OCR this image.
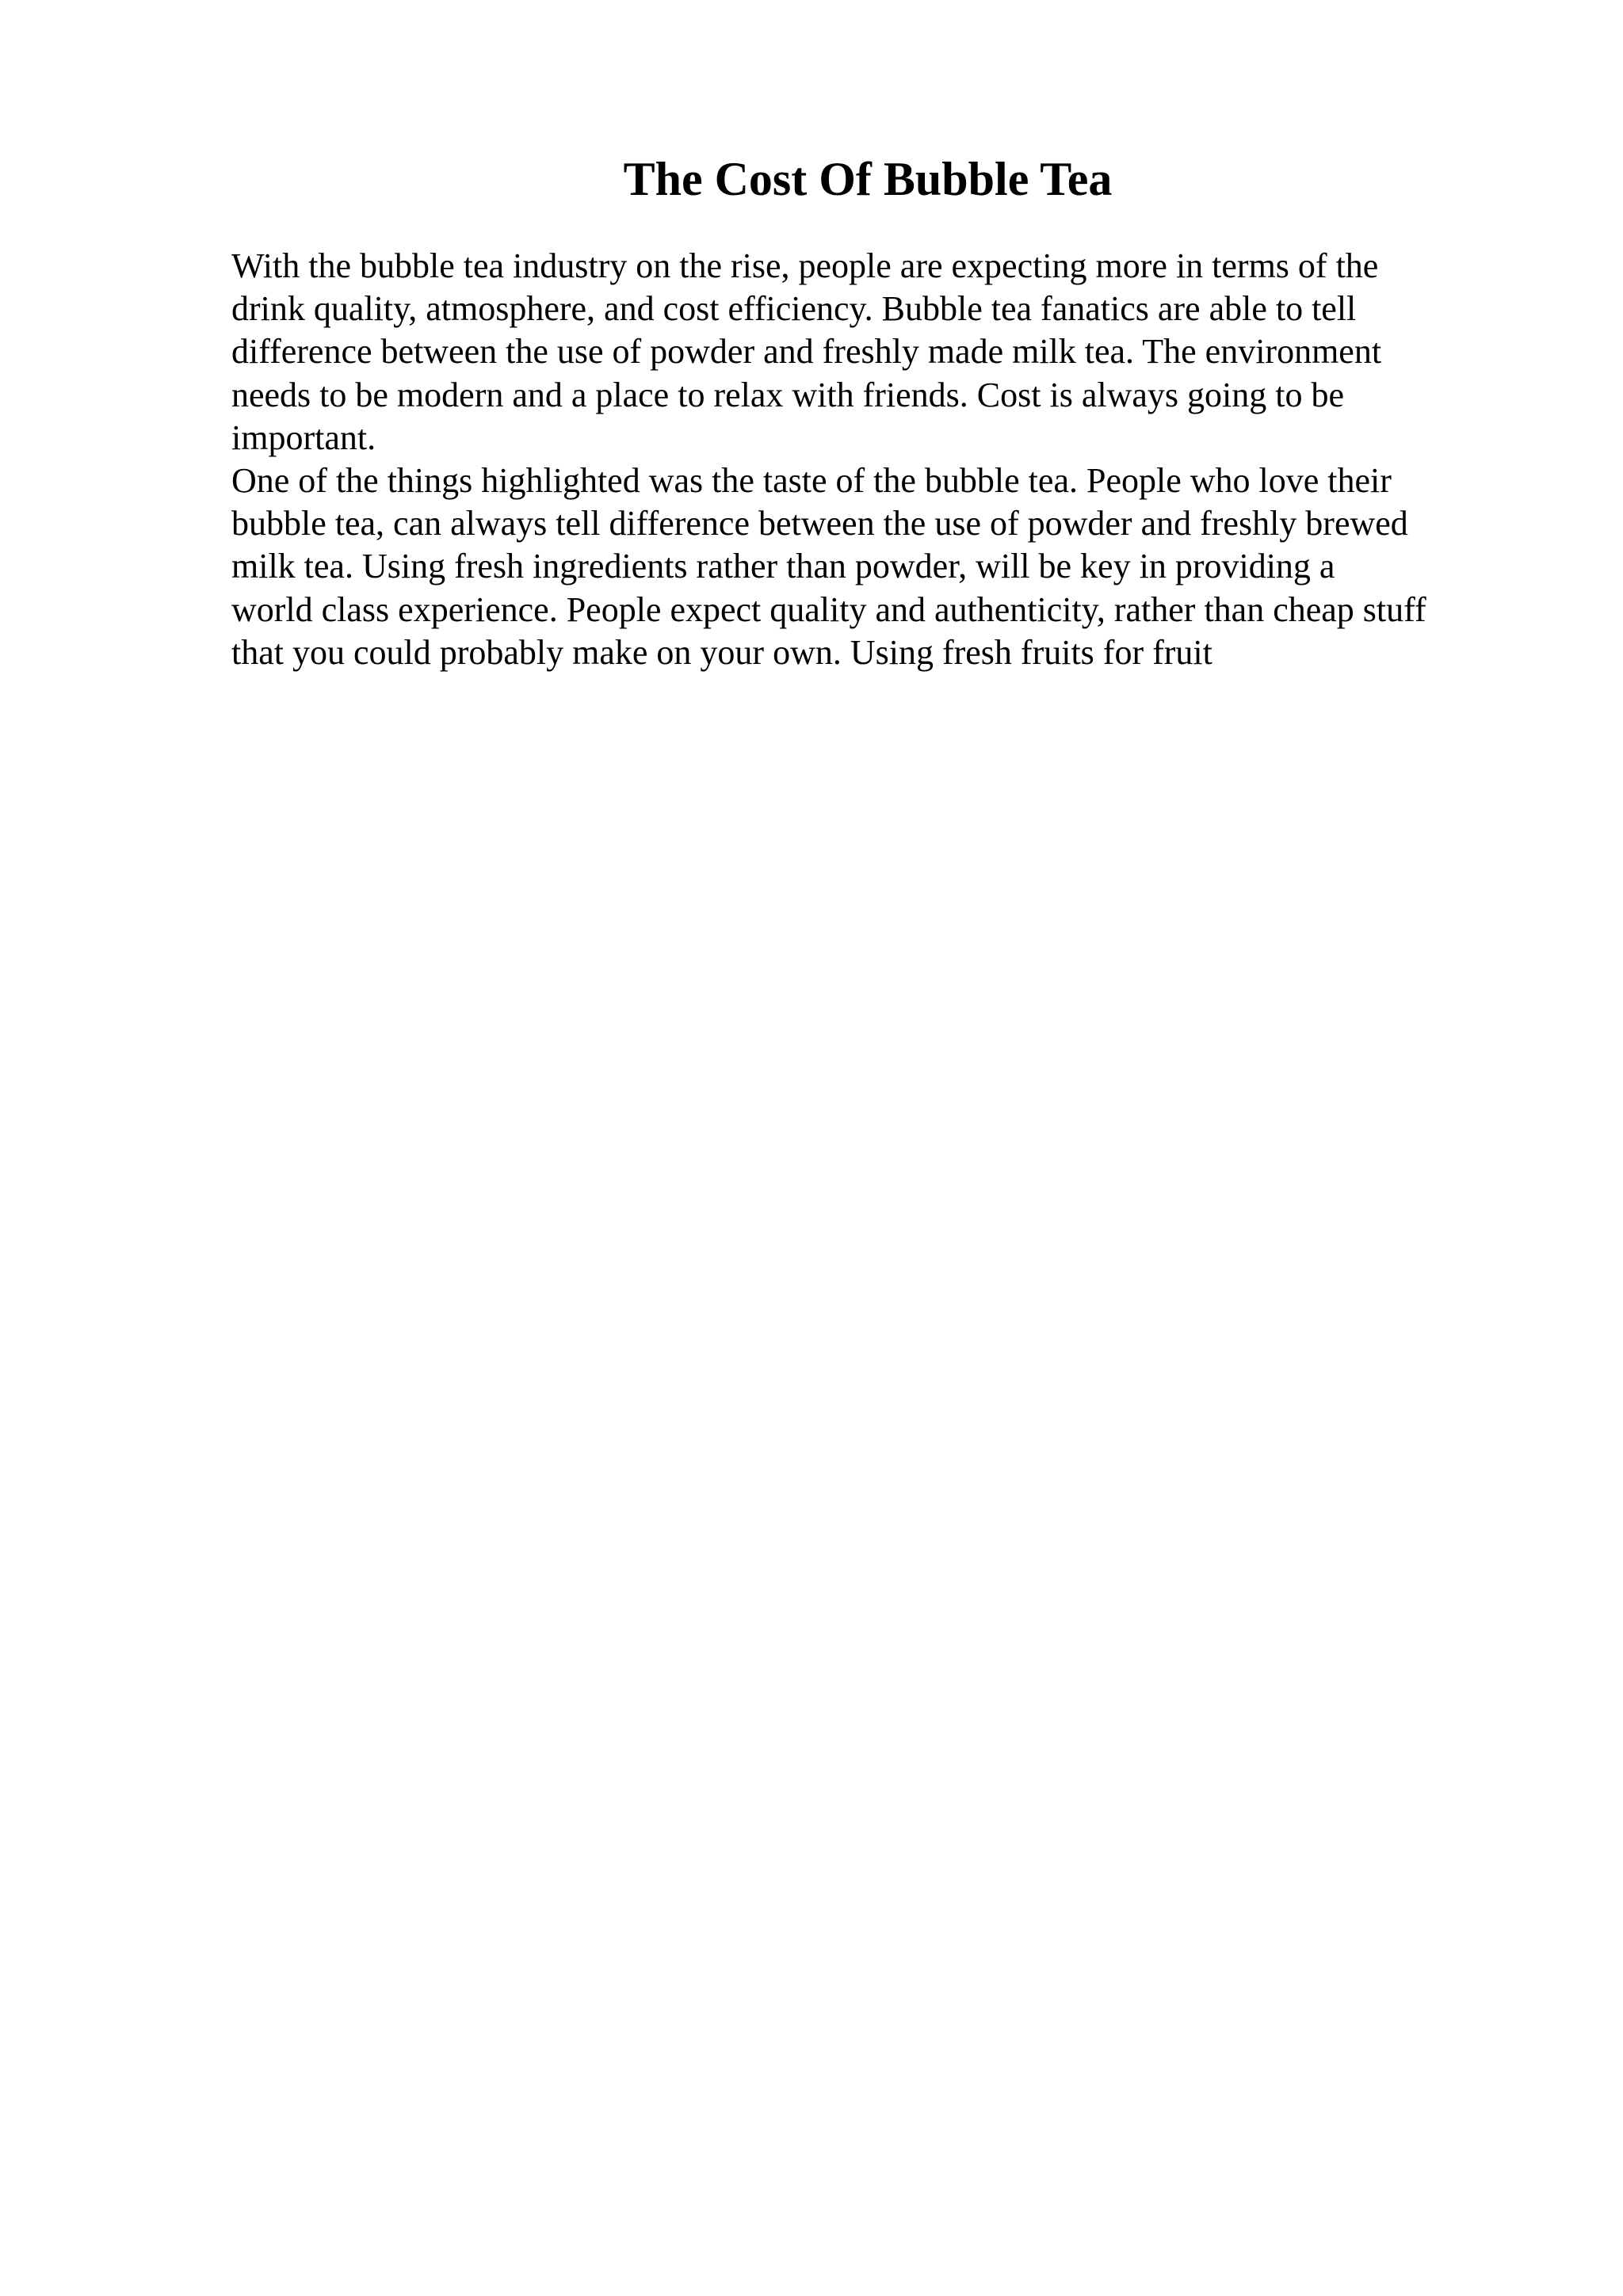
The Cost Of Bubble Tea
With the bubble tea industry on the rise, people are expecting more in terms of the
drink quality, atmosphere, and cost efficiency. Bubble tea fanatics are able to tell
difference between the use of powder and freshly made milk tea. The environment
needs to be modern and a place to relax with friends. Cost is always going to be
important.
One of the things highlighted was the taste of the bubble tea. People who love their
bubble tea, can always tell difference between the use of powder and freshly brewed
milk tea. Using fresh ingredients rather than powder, will be key in providing a
world class experience. People expect quality and authenticity, rather than cheap stuff
that you could probably make on your own. Using fresh fruits for fruit
